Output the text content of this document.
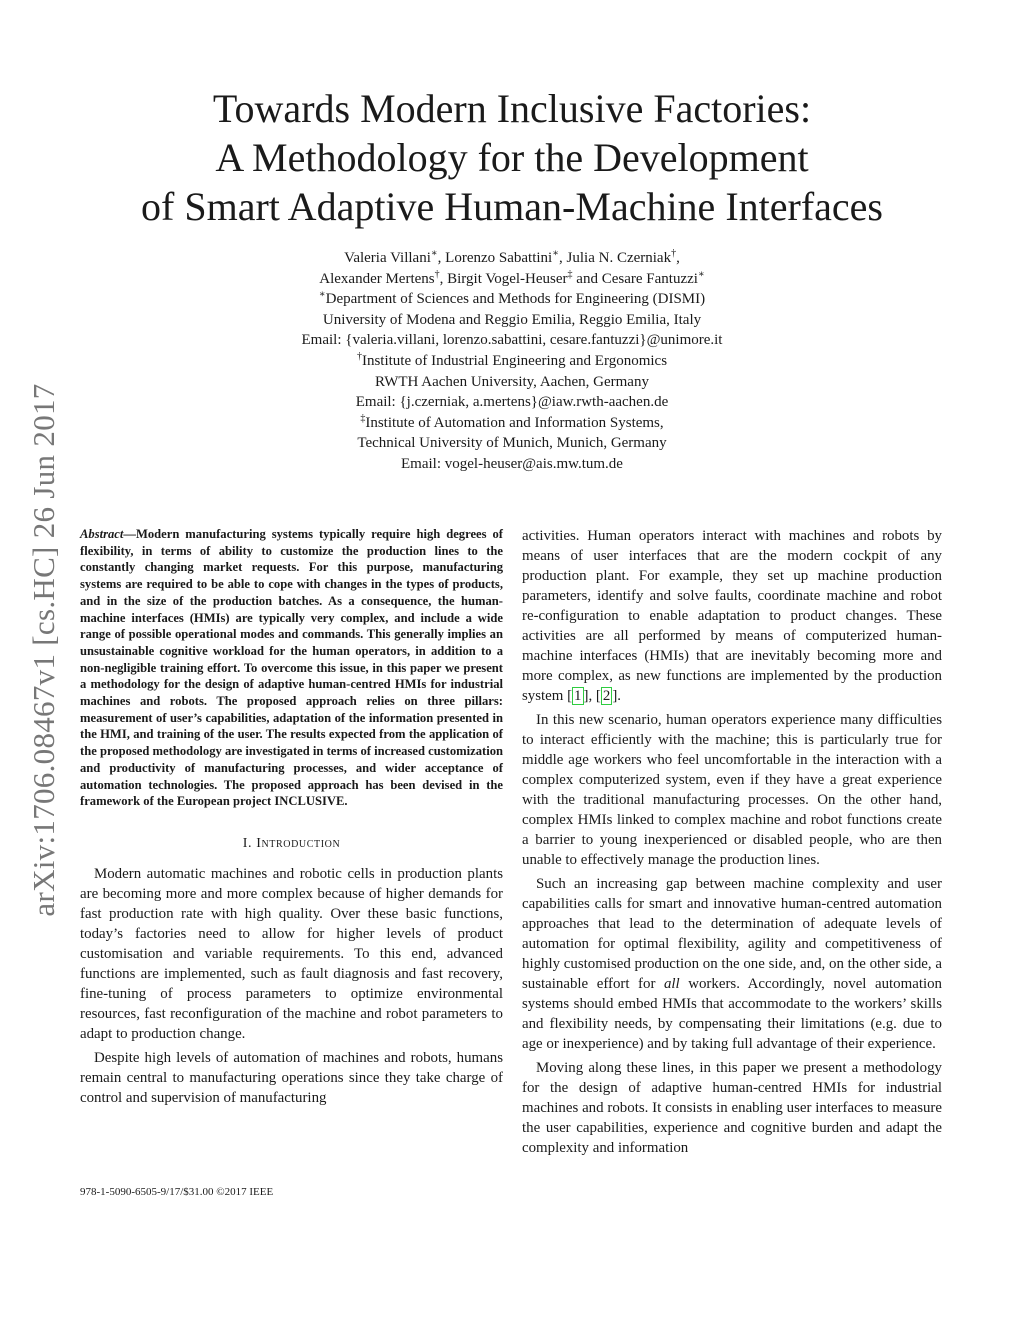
arXiv:1706.08467v1 [cs.HC] 26 Jun 2017
Towards Modern Inclusive Factories:
A Methodology for the Development
of Smart Adaptive Human-Machine Interfaces
Valeria Villani∗, Lorenzo Sabattini∗, Julia N. Czerniak†,
Alexander Mertens†, Birgit Vogel-Heuser‡ and Cesare Fantuzzi∗
∗Department of Sciences and Methods for Engineering (DISMI)
University of Modena and Reggio Emilia, Reggio Emilia, Italy
Email: {valeria.villani, lorenzo.sabattini, cesare.fantuzzi}@unimore.it
†Institute of Industrial Engineering and Ergonomics
RWTH Aachen University, Aachen, Germany
Email: {j.czerniak, a.mertens}@iaw.rwth-aachen.de
‡Institute of Automation and Information Systems,
Technical University of Munich, Munich, Germany
Email: vogel-heuser@ais.mw.tum.de
Abstract—Modern manufacturing systems typically require high degrees of flexibility, in terms of ability to customize the production lines to the constantly changing market requests. For this purpose, manufacturing systems are required to be able to cope with changes in the types of products, and in the size of the production batches. As a consequence, the human-machine interfaces (HMIs) are typically very complex, and include a wide range of possible operational modes and commands. This generally implies an unsustainable cognitive workload for the human operators, in addition to a non-negligible training effort. To overcome this issue, in this paper we present a methodology for the design of adaptive human-centred HMIs for industrial machines and robots. The proposed approach relies on three pillars: measurement of user’s capabilities, adaptation of the information presented in the HMI, and training of the user. The results expected from the application of the proposed methodology are investigated in terms of increased customization and productivity of manufacturing processes, and wider acceptance of automation technologies. The proposed approach has been devised in the framework of the European project INCLUSIVE.
I. Introduction

Modern automatic machines and robotic cells in production plants are becoming more and more complex because of higher demands for fast production rate with high quality. Over these basic functions, today’s factories need to allow for higher levels of product customisation and variable requirements. To this end, advanced functions are implemented, such as fault diagnosis and fast recovery, fine-tuning of process parameters to optimize environmental resources, fast reconfiguration of the machine and robot parameters to adapt to production change.

Despite high levels of automation of machines and robots, humans remain central to manufacturing operations since they take charge of control and supervision of manufacturing

activities. Human operators interact with machines and robots by means of user interfaces that are the modern cockpit of any production plant. For example, they set up machine production parameters, identify and solve faults, coordinate machine and robot re-configuration to enable adaptation to product changes. These activities are all performed by means of computerized human-machine interfaces (HMIs) that are inevitably becoming more and more complex, as new functions are implemented by the production system [ 1 ], [ 2 ].

In this new scenario, human operators experience many difficulties to interact efficiently with the machine; this is particularly true for middle age workers who feel uncomfortable in the interaction with a complex computerized system, even if they have a great experience with the traditional manufacturing processes. On the other hand, complex HMIs linked to complex machine and robot functions create a barrier to young inexperienced or disabled people, who are then unable to effectively manage the production lines.

Such an increasing gap between machine complexity and user capabilities calls for smart and innovative human-centred automation approaches that lead to the determination of adequate levels of automation for optimal flexibility, agility and competitiveness of highly customised production on the one side, and, on the other side, a sustainable effort for all workers. Accordingly, novel automation systems should embed HMIs that accommodate to the workers’ skills and flexibility needs, by compensating their limitations (e.g. due to age or inexperience) and by taking full advantage of their experience.

Moving along these lines, in this paper we present a methodology for the design of adaptive human-centred HMIs for industrial machines and robots. It consists in enabling user interfaces to measure the user capabilities, experience and cognitive burden and adapt the complexity and information

978-1-5090-6505-9/17/$31.00 ©2017 IEEE
